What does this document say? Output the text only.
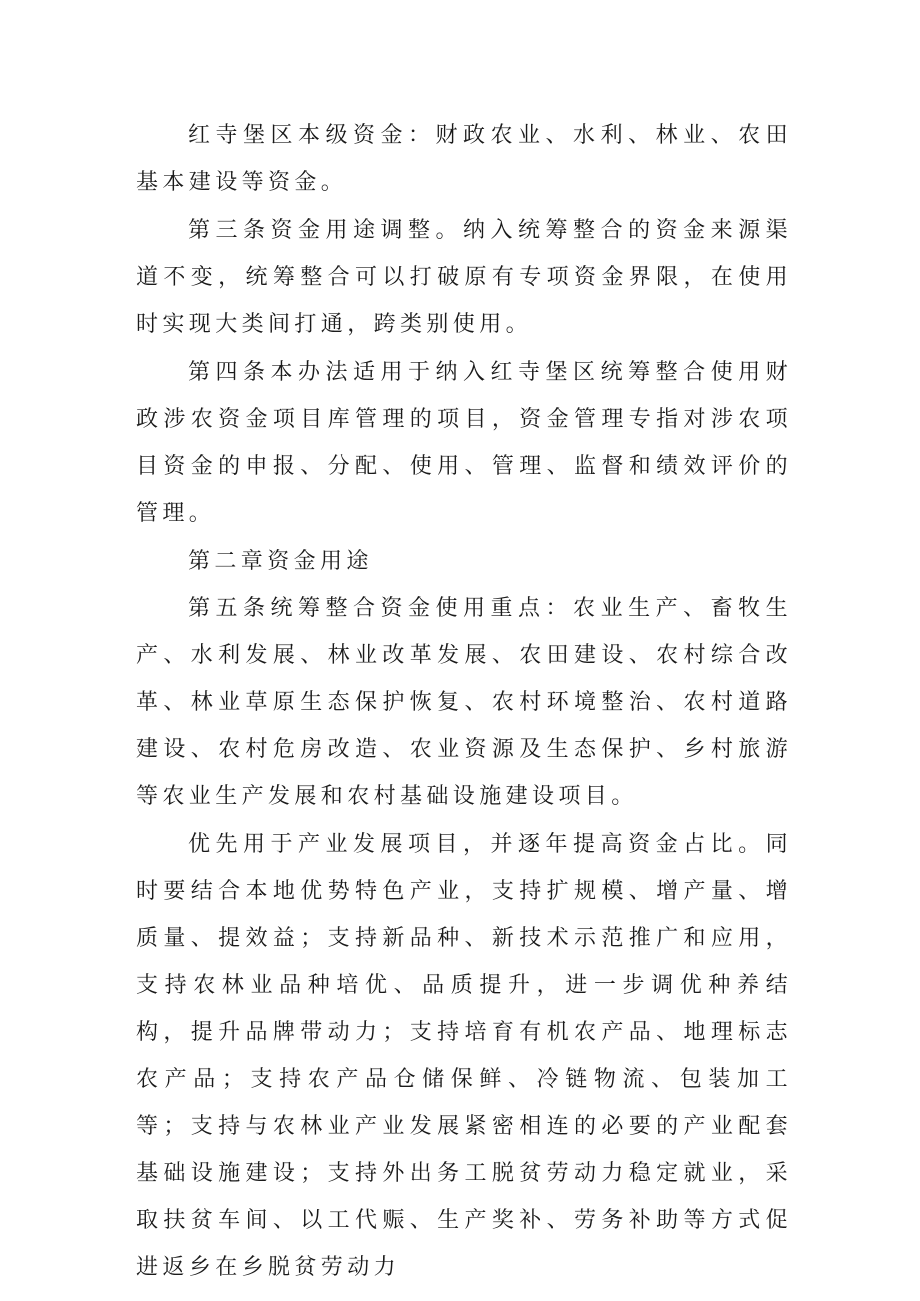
红寺堡区本级资金：财政农业、水利、林业、农田基本建设等资金。

第三条资金用途调整。纳入统筹整合的资金来源渠道不变，统筹整合可以打破原有专项资金界限，在使用时实现大类间打通，跨类别使用。

第四条本办法适用于纳入红寺堡区统筹整合使用财政涉农资金项目库管理的项目，资金管理专指对涉农项目资金的申报、分配、使用、管理、监督和绩效评价的管理。

第二章资金用途

第五条统筹整合资金使用重点：农业生产、畜牧生产、水利发展、林业改革发展、农田建设、农村综合改革、林业草原生态保护恢复、农村环境整治、农村道路建设、农村危房改造、农业资源及生态保护、乡村旅游等农业生产发展和农村基础设施建设项目。

优先用于产业发展项目，并逐年提高资金占比。同时要结合本地优势特色产业，支持扩规模、增产量、增质量、提效益；支持新品种、新技术示范推广和应用，支持农林业品种培优、品质提升，进一步调优种养结构，提升品牌带动力；支持培育有机农产品、地理标志农产品；支持农产品仓储保鲜、冷链物流、包装加工等；支持与农林业产业发展紧密相连的必要的产业配套基础设施建设；支持外出务工脱贫劳动力稳定就业，采取扶贫车间、以工代赈、生产奖补、劳务补助等方式促进返乡在乡脱贫劳动力
